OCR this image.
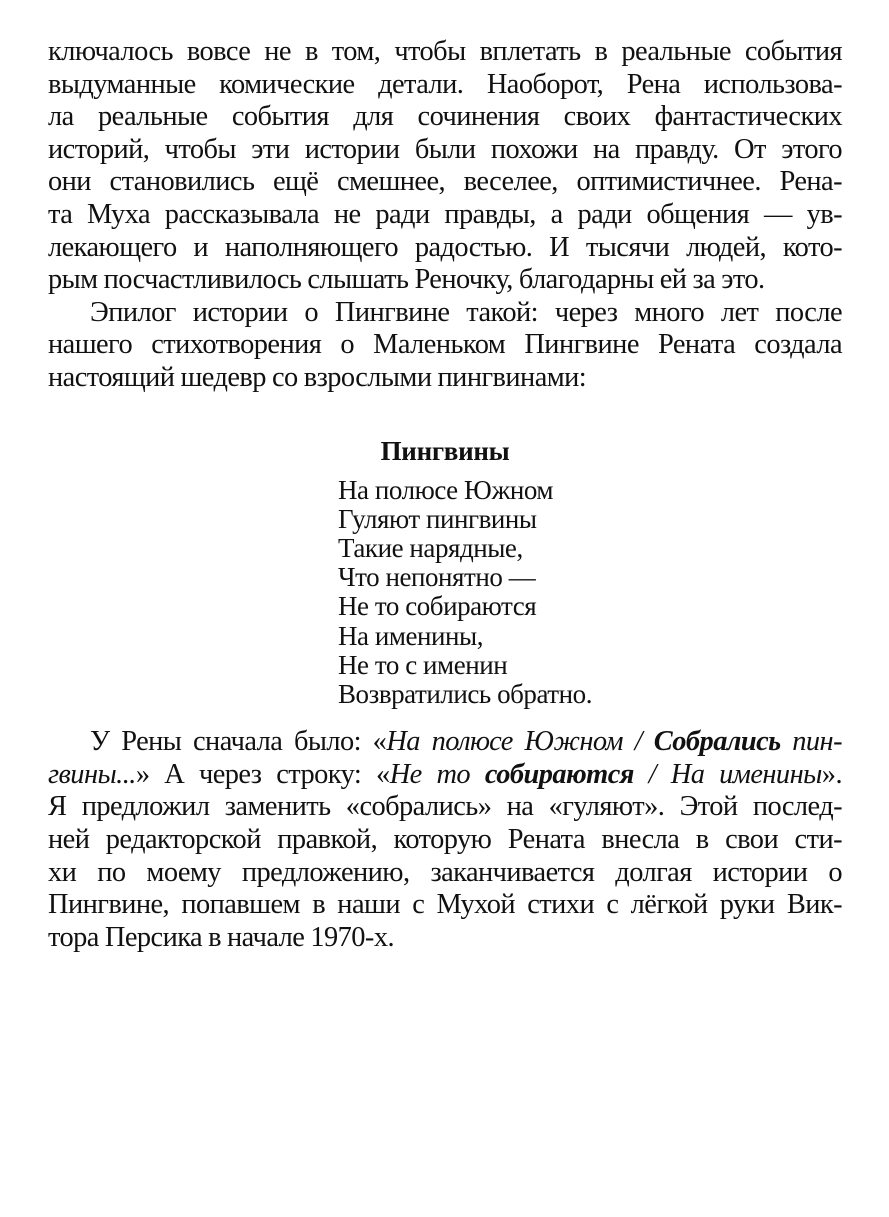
ключалось вовсе не в том, чтобы вплетать в реальные события
выдуманные комические детали. Наоборот, Рена использова-
ла реальные события для сочинения своих фантастических
историй, чтобы эти истории были похожи на правду. От этого
они становились ещё смешнее, веселее, оптимистичнее. Рена-
та Муха рассказывала не ради правды, а ради общения — ув-
лекающего и наполняющего радостью. И тысячи людей, кото-
рым посчастливилось слышать Реночку, благодарны ей за это.

Эпилог истории о Пингвине такой: через много лет после
нашего стихотворения о Маленьком Пингвине Рената создала
настоящий шедевр со взрослыми пингвинами:

Пингвины
На полюсе Южном
Гуляют пингвины
Такие нарядные,
Что непонятно —
Не то собираются
На именины,
Не то с именин
Возвратились обратно.

У Рены сначала было: «На полюсе Южном / Собрались пин-
гвины...» А через строку: «Не то собираются / На именины».
Я предложил заменить «собрались» на «гуляют». Этой послед-
ней редакторской правкой, которую Рената внесла в свои сти-
хи по моему предложению, заканчивается долгая истории о
Пингвине, попавшем в наши с Мухой стихи с лёгкой руки Вик-
тора Персика в начале 1970-х.
